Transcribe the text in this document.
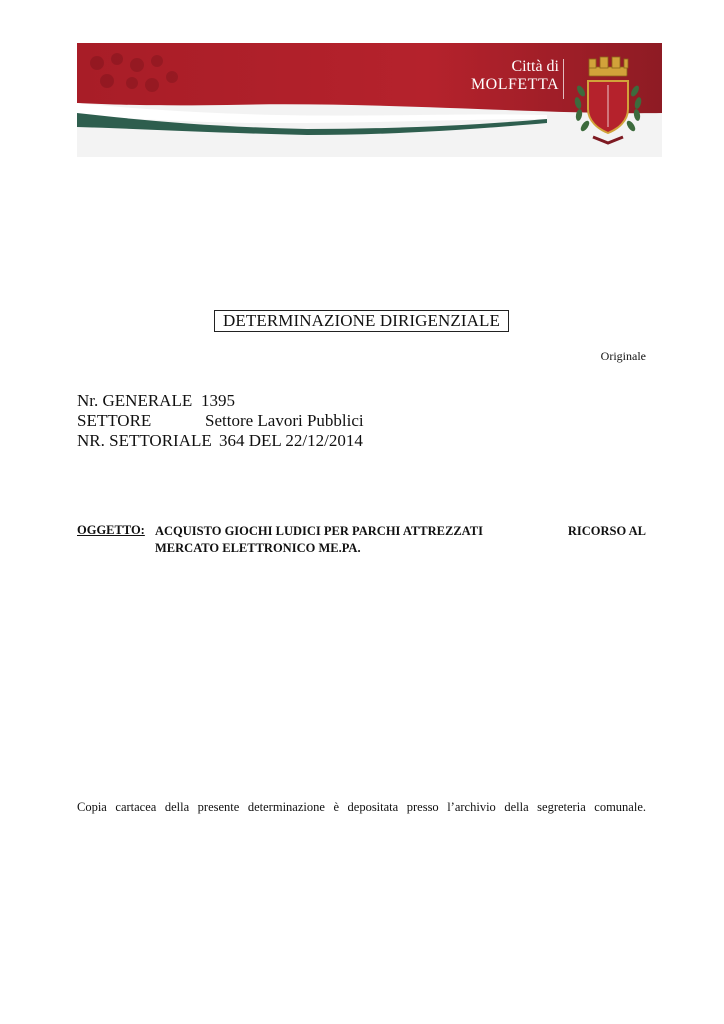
Città di
MOLFETTA
DETERMINAZIONE DIRIGENZIALE
Originale
Nr. GENERALE 1395
SETTORE	Settore Lavori Pubblici
NR. SETTORIALE 364 DEL 22/12/2014
OGGETTO: ACQUISTO GIOCHI LUDICI PER PARCHI ATTREZZATI	RICORSO AL
MERCATO ELETTRONICO ME.PA.
Copia cartacea della presente determinazione è depositata presso l’archivio della segreteria comunale.
